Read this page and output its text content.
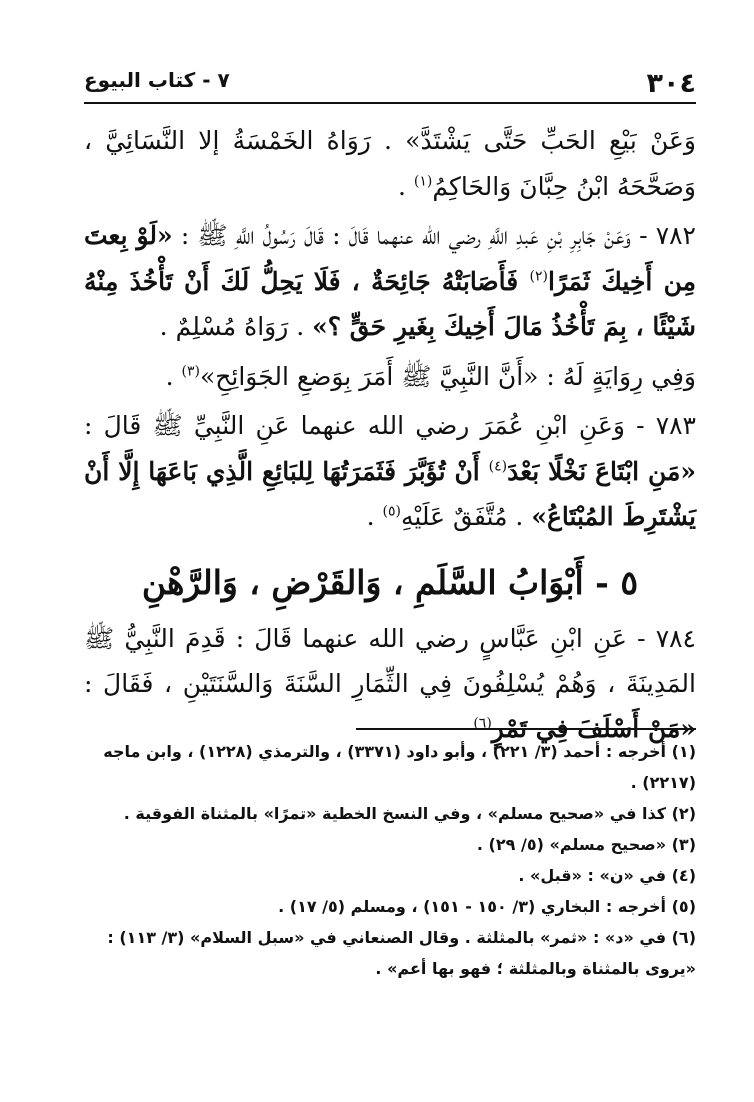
٣٠٤
٧ - كتاب البيوع

وَعَنْ بَيْعِ الحَبِّ حَتَّى يَشْتَدَّ» . رَوَاهُ الخَمْسَةُ إلا النَّسَائِيَّ ، وَصَحَّحَهُ ابْنُ حِبَّانَ وَالحَاكِمُ$^{(١)}$ .

٧٨٢ - وَعَنْ جَابِرِ بْنِ عَبدِ اللَّهِ رضي الله عنهما قَالَ : قَالَ رَسُولُ اللَّهِ ﷺ : «لَوْ بِعتَ مِن أَخِيكَ ثَمَرًا$^{(٢)}$ فَأَصَابَتْهُ جَائِحَةٌ ، فَلَا يَحِلُّ لَكَ أَنْ تَأْخُذَ مِنْهُ شَيْئًا ، بِمَ تَأْخُذُ مَالَ أَخِيكَ بِغَيرِ حَقٍّ ؟» . رَوَاهُ مُسْلِمٌ .

وَفِي رِوَايَةٍ لَهُ : «أَنَّ النَّبِيَّ ﷺ أَمَرَ بِوَضعِ الجَوَائِحِ»$^{(٣)}$ .

٧٨٣ - وَعَنِ ابْنِ عُمَرَ رضي الله عنهما عَنِ النَّبِيِّ ﷺ قَالَ : «مَنِ ابْتَاعَ نَخْلًا بَعْدَ$^{(٤)}$ أَنْ تُؤَبَّرَ فَثَمَرَتُهَا لِلبَائِعِ الَّذِي بَاعَهَا إِلَّا أَنْ يَشْتَرِطَ المُبْتَاعُ» . مُتَّفَقٌ عَلَيْهِ$^{(٥)}$ .

٥ - أَبْوَابُ السَّلَمِ ، وَالقَرْضِ ، وَالرَّهْنِ

٧٨٤ - عَنِ ابْنِ عَبَّاسٍ رضي الله عنهما قَالَ : قَدِمَ النَّبِيُّ ﷺ المَدِينَةَ ، وَهُمْ يُسْلِفُونَ فِي الثِّمَارِ السَّنَةَ وَالسَّنَتَيْنِ ، فَقَالَ : «مَنْ أَسْلَفَ فِي تَمْرٍ$^{(٦)}$

(١) أخرجه : أحمد (٣/ ٢٢١) ، وأبو داود (٣٣٧١) ، والترمذي (١٢٢٨) ، وابن ماجه (٢٢١٧) .

(٢) كذا في «صحيح مسلم» ، وفي النسخ الخطية «تمرًا» بالمثناة الفوقية .

(٣) «صحيح مسلم» (٥/ ٢٩) .

(٤) في «ن» : «قبل» .

(٥) أخرجه : البخاري (٣/ ١٥٠ - ١٥١) ، ومسلم (٥/ ١٧) .

(٦) في «د» : «ثمر» بالمثلثة . وقال الصنعاني في «سبل السلام» (٣/ ١١٣) : «يروى بالمثناة وبالمثلثة ؛ فهو بها أعم» .
